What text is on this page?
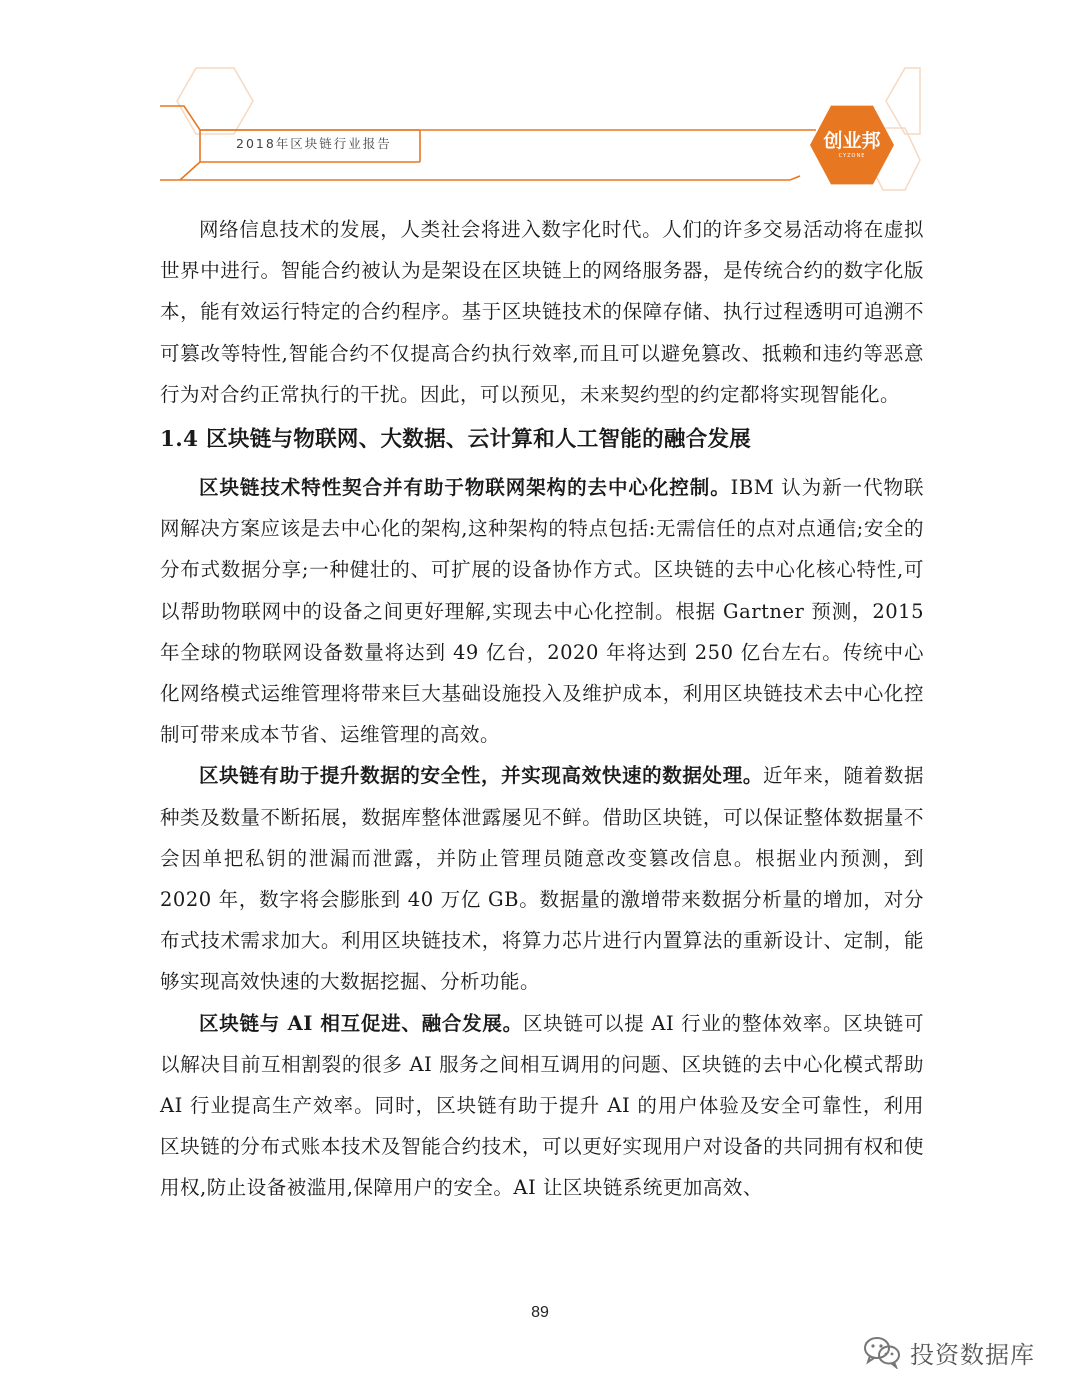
2018年区块链行业报告	创业邦
CYZONE

网络信息技术的发展，人类社会将进入数字化时代。人们的许多交易活动将在虚拟世界中进行。智能合约被认为是架设在区块链上的网络服务器，是传统合约的数字化版本，能有效运行特定的合约程序。基于区块链技术的保障存储、执行过程透明可追溯不可篡改等特性,智能合约不仅提高合约执行效率,而且可以避免篡改、抵赖和违约等恶意行为对合约正常执行的干扰。因此，可以预见，未来契约型的约定都将实现智能化。

1.4 区块链与物联网、大数据、云计算和人工智能的融合发展

区块链技术特性契合并有助于物联网架构的去中心化控制。IBM 认为新一代物联网解决方案应该是去中心化的架构,这种架构的特点包括:无需信任的点对点通信;安全的分布式数据分享;一种健壮的、可扩展的设备协作方式。区块链的去中心化核心特性,可以帮助物联网中的设备之间更好理解,实现去中心化控制。根据 Gartner 预测，2015 年全球的物联网设备数量将达到 49 亿台，2020 年将达到 250 亿台左右。传统中心化网络模式运维管理将带来巨大基础设施投入及维护成本，利用区块链技术去中心化控制可带来成本节省、运维管理的高效。

区块链有助于提升数据的安全性，并实现高效快速的数据处理。近年来，随着数据种类及数量不断拓展，数据库整体泄露屡见不鲜。借助区块链，可以保证整体数据量不会因单把私钥的泄漏而泄露，并防止管理员随意改变篡改信息。根据业内预测，到 2020 年，数字将会膨胀到 40 万亿 GB。数据量的激增带来数据分析量的增加，对分布式技术需求加大。利用区块链技术，将算力芯片进行内置算法的重新设计、定制，能够实现高效快速的大数据挖掘、分析功能。

区块链与 AI 相互促进、融合发展。区块链可以提 AI 行业的整体效率。区块链可以解决目前互相割裂的很多 AI 服务之间相互调用的问题、区块链的去中心化模式帮助 AI 行业提高生产效率。同时，区块链有助于提升 AI 的用户体验及安全可靠性，利用区块链的分布式账本技术及智能合约技术，可以更好实现用户对设备的共同拥有权和使用权,防止设备被滥用,保障用户的安全。AI 让区块链系统更加高效、

89
投资数据库
